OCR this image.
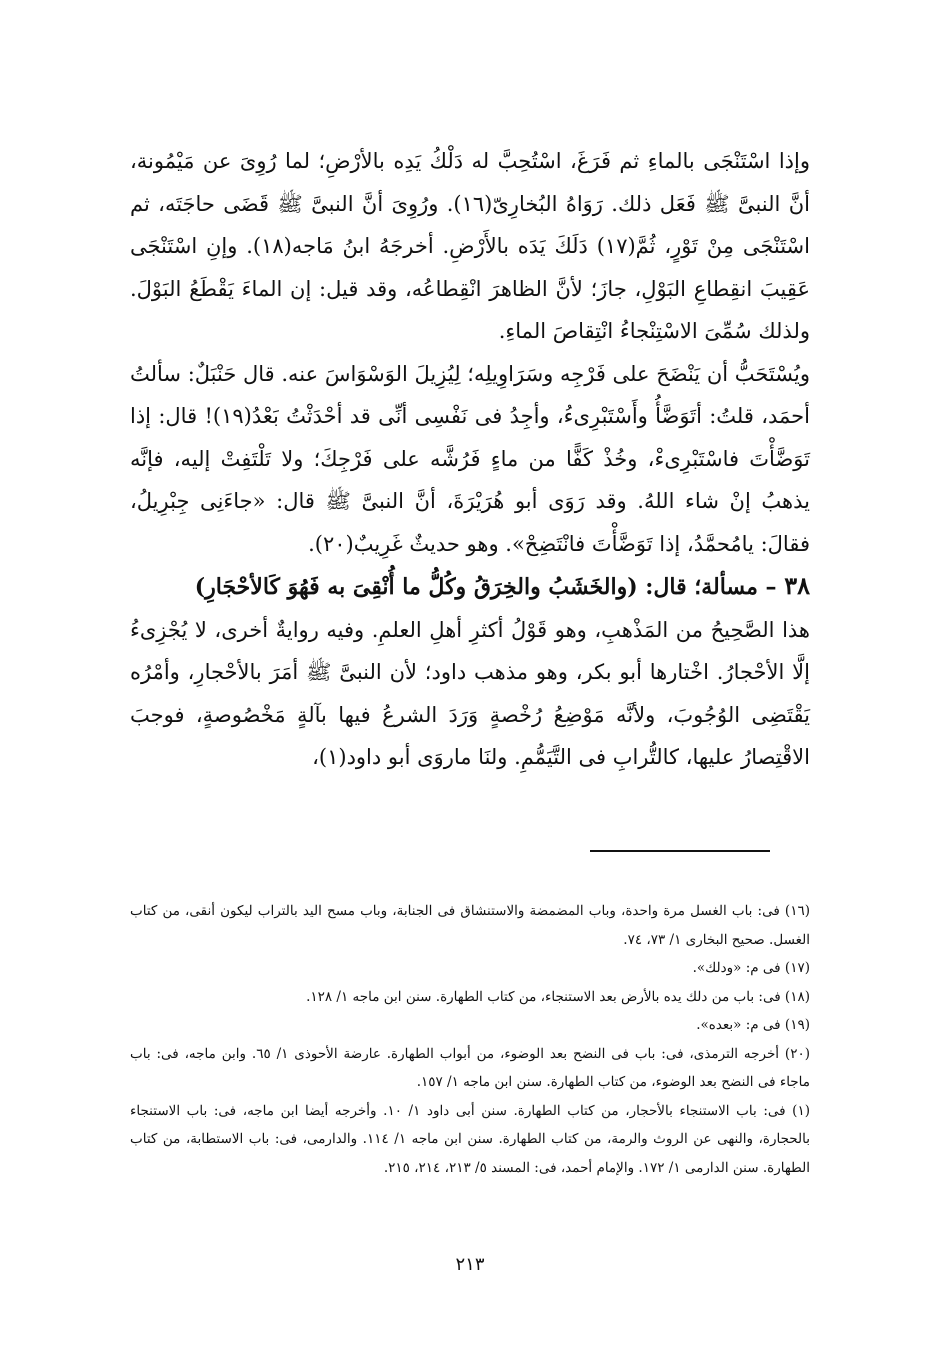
وإذا اسْتَنْجَى بالماءِ ثم فَرَغَ، اسْتُحِبَّ له دَلْكُ يَدِه بالأرْضِ؛ لما رُوِىَ عن مَيْمُونة، أنَّ النبىَّ ﷺ فَعَل ذلك. رَوَاهُ البُخارِىّ(١٦). ورُوِىَ أنَّ النبىَّ ﷺ قَضَى حاجَتَه، ثم اسْتَنْجَى مِنْ تَوْرٍ، ثُمَّ(١٧) دَلَكَ يَدَه بالأَرْضِ. أخرجَهُ ابنُ مَاجه(١٨). وإنِ اسْتَنْجَى عَقِيبَ انقِطاعِ البَوْلِ، جازَ؛ لأنَّ الظاهرَ انْقِطاعُه، وقد قيل: إن الماءَ يَقْطَعُ البَوْلَ. ولذلك سُمِّىَ الاسْتِنْجاءُ انْتِقاصَ الماءِ.

ويُسْتَحَبُّ أن يَنْضَحَ على فَرْجِه وسَرَاوِيلِه؛ لِيُزِيلَ الوَسْوَاسَ عنه. قال حَنْبَلٌ: سألتُ أحمَد، قلتُ: أتَوَضَّأُ وأَسْتَبْرِىءُ، وأجِدُ فى نَفْسِى أنِّى قد أحْدَثْتُ بَعْدُ(١٩)! قال: إذا تَوَضَّأْتَ فاسْتَبْرِىءْ، وخُذْ كَفًّا من ماءٍ فَرُشَّه على فَرْجِكَ؛ ولا تَلْتَفِتْ إليه، فإنَّه يذهبُ إنْ شاء اللهُ. وقد رَوَى أبو هُرَيْرَةَ، أنَّ النبىَّ ﷺ قال: «جاءَنِى جِبْرِيلُ، فقالَ: يامُحمَّدُ، إذا تَوَضَّأْتَ فانْتَضِحْ». وهو حديثٌ غَرِيبٌ(٢٠).

٣٨ – مسألة؛ قال: (والخَشَبُ والخِرَقُ وكُلُّ ما أُنْقِىَ به فَهُوَ كَالأحْجَارِ)

هذا الصَّحِيحُ من المَذْهبِ، وهو قَوْلُ أكثرِ أهلِ العلمِ. وفيه روايةٌ أخرى، لا يُجْزِىءُ إلَّا الأحْجارُ. اخْتارها أبو بكر، وهو مذهب داود؛ لأن النبىَّ ﷺ أمَرَ بالأحْجارِ، وأمْرُه يَقْتَضِى الوُجُوبَ، ولأنَّه مَوْضِعُ رُخْصةٍ وَرَدَ الشرعُ فيها بآلةٍ مَخْصُوصةٍ، فوجبَ الاقْتِصارُ عليها، كالتُّرابِ فى التَّيَمُّمِ. ولنَا ماروَى أبو داود(١)،

(١٦) فى: باب الغسل مرة واحدة، وباب المضمضة والاستنشاق فى الجنابة، وباب مسح اليد بالتراب ليكون أنقى، من كتاب الغسل. صحيح البخارى ١/ ٧٣، ٧٤.

(١٧) فى م: «ودلك».

(١٨) فى: باب من دلك يده بالأرض بعد الاستنجاء، من كتاب الطهارة. سنن ابن ماجه ١/ ١٢٨.

(١٩) فى م: «بعده».

(٢٠) أخرجه الترمذى، فى: باب فى النضح بعد الوضوء، من أبواب الطهارة. عارضة الأحوذى ١/ ٦٥. وابن ماجه، فى: باب ماجاء فى النضح بعد الوضوء، من كتاب الطهارة. سنن ابن ماجه ١/ ١٥٧.

(١) فى: باب الاستنجاء بالأحجار، من كتاب الطهارة. سنن أبى داود ١/ ١٠. وأخرجه أيضا ابن ماجه، فى: باب الاستنجاء بالحجارة، والنهى عن الروث والرمة، من كتاب الطهارة. سنن ابن ماجه ١/ ١١٤. والدارمى، فى: باب الاستطابة، من كتاب الطهارة. سنن الدارمى ١/ ١٧٢. والإمام أحمد، فى: المسند ٥/ ٢١٣، ٢١٤، ٢١٥.

٢١٣
